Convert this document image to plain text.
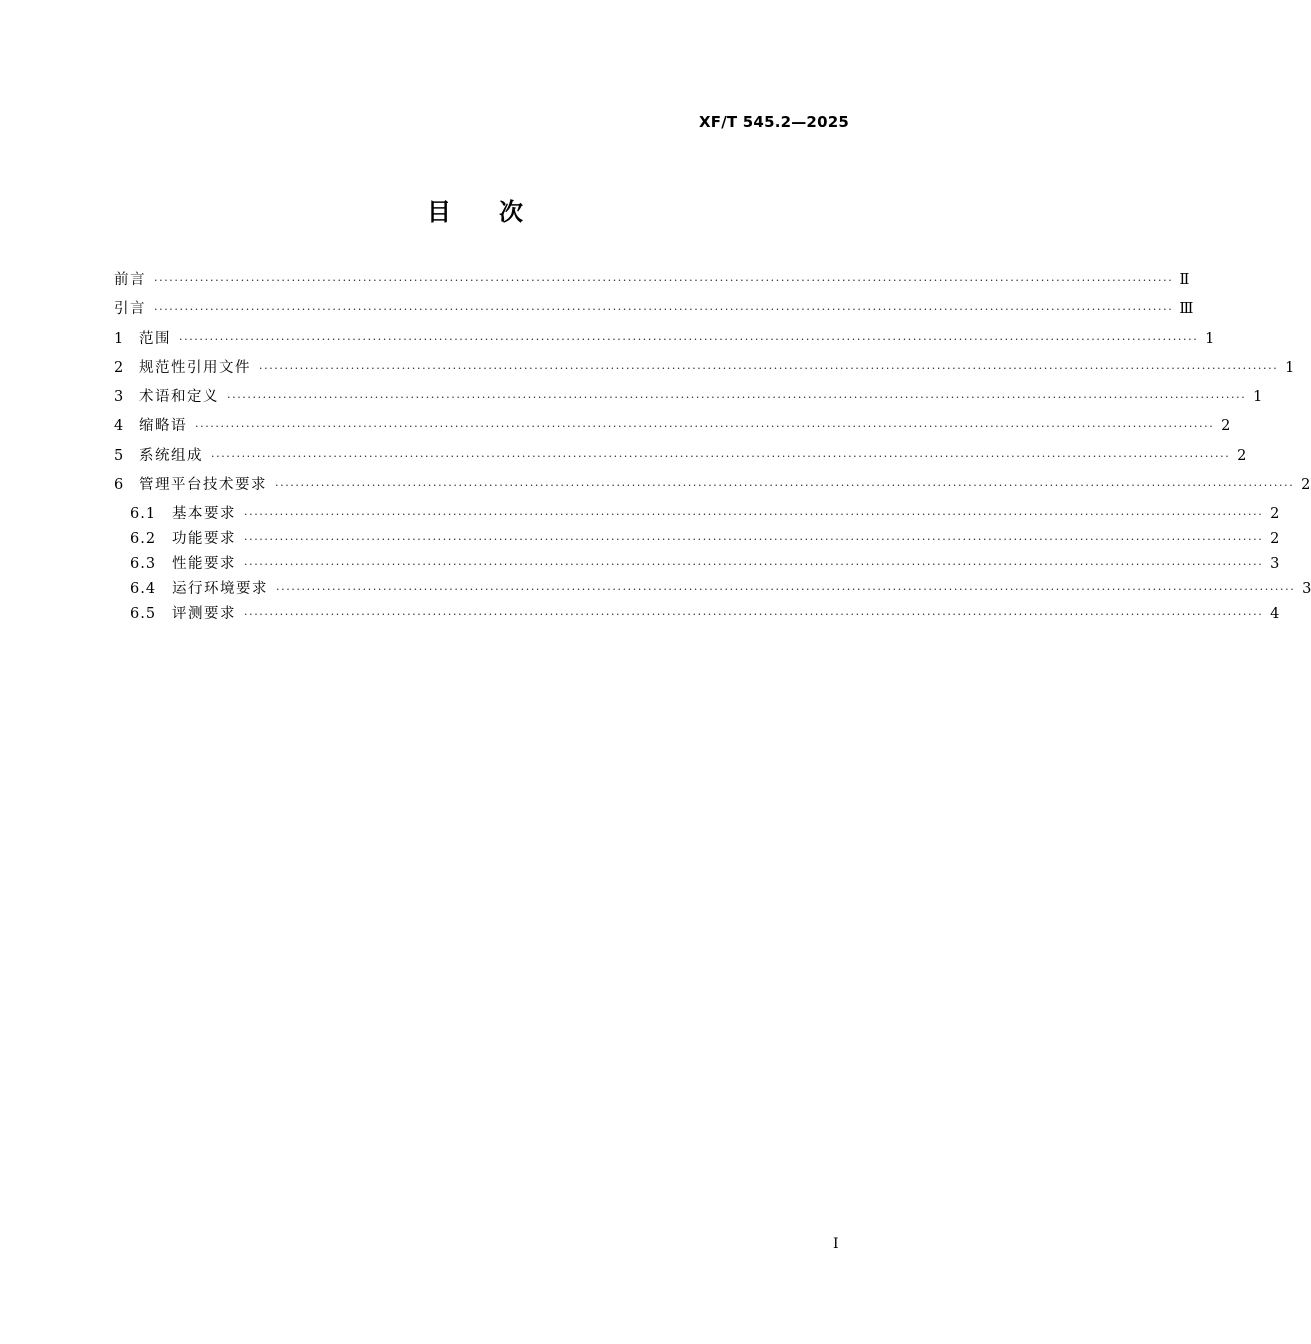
XF/T 545.2—2025
目次
前言 ········································································································································································································ Ⅱ
引言 ········································································································································································································ Ⅲ
1	范围 ········································································································································································································ 1
2	规范性引用文件 ········································································································································································································ 1
3	术语和定义 ········································································································································································································ 1
4	缩略语 ········································································································································································································ 2
5	系统组成 ········································································································································································································ 2
6	管理平台技术要求 ········································································································································································································ 2
6.1	基本要求 ········································································································································································································ 2
6.2	功能要求 ········································································································································································································ 2
6.3	性能要求 ········································································································································································································ 3
6.4	运行环境要求 ········································································································································································································ 3
6.5	评测要求 ········································································································································································································ 4
I
